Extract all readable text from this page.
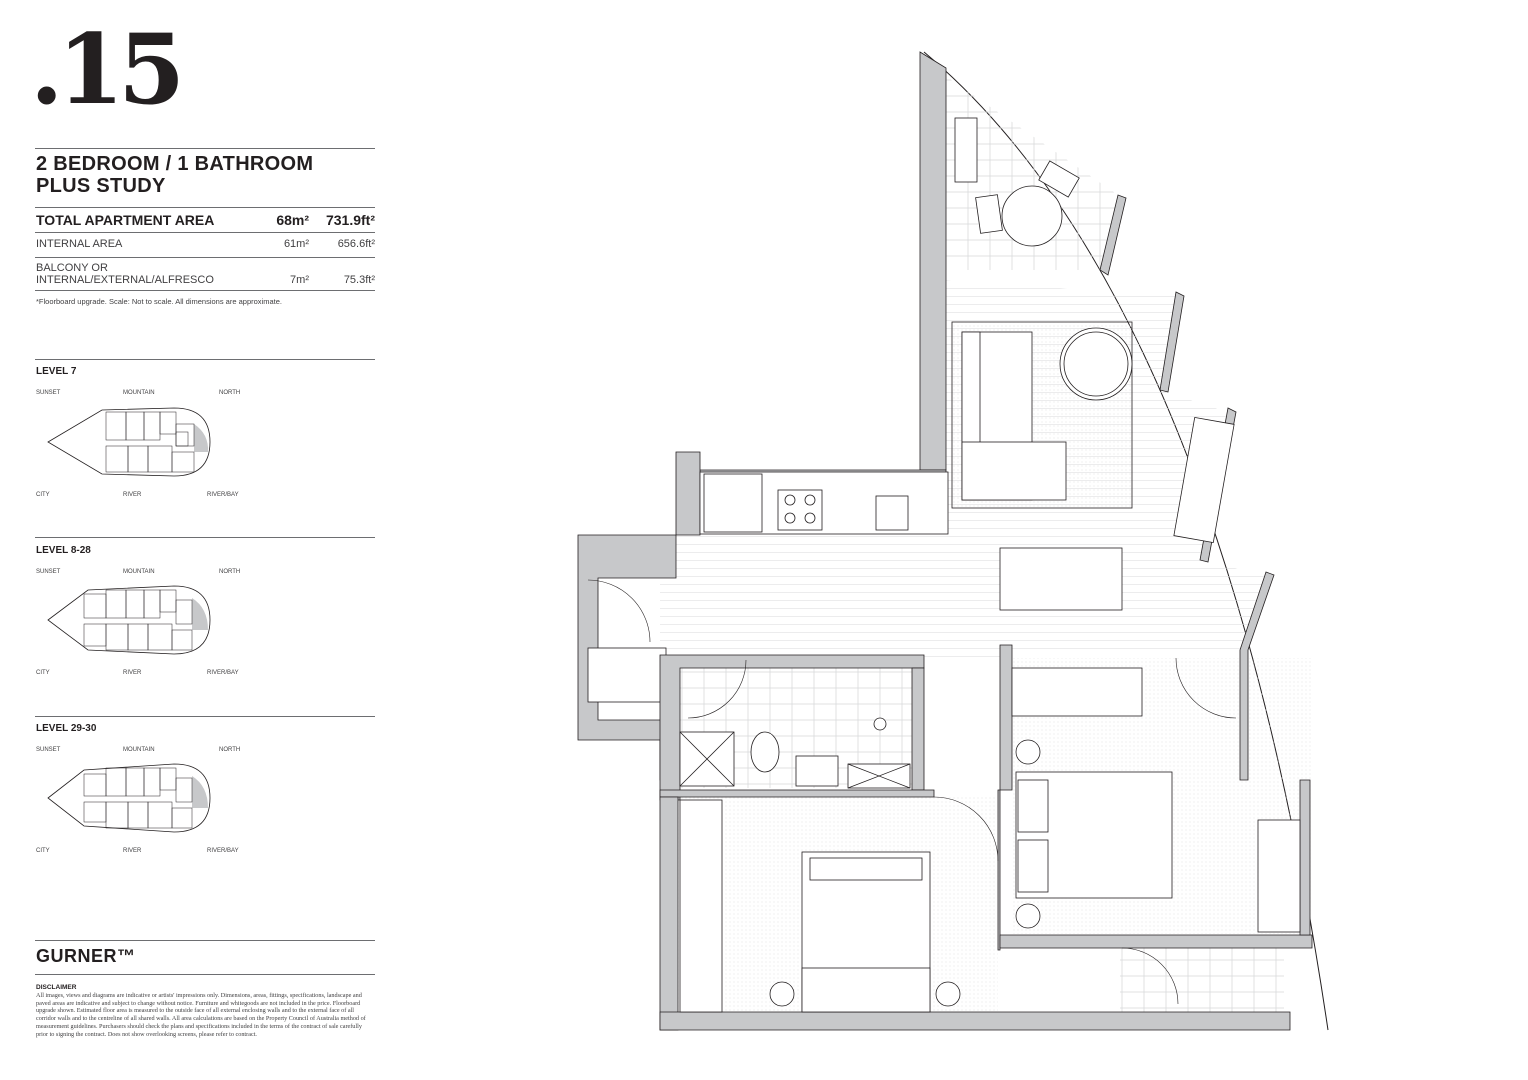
.15
2 BEDROOM / 1 BATHROOM
PLUS STUDY
TOTAL APARTMENT AREA	68m² 731.9ft²
INTERNAL AREA	61m²	656.6ft²
BALCONY OR
INTERNAL/EXTERNAL/ALFRESCO	7m²	75.3ft²
*Floorboard upgrade. Scale: Not to scale. All dimensions are approximate.
LEVEL 7
SUNSET	MOUNTAIN	NORTH
CITY	RIVER	RIVER/BAY
LEVEL 8-28
SUNSET	MOUNTAIN	NORTH
CITY	RIVER	RIVER/BAY
LEVEL 29-30
SUNSET	MOUNTAIN	NORTH
CITY	RIVER	RIVER/BAY
GURNER™
DISCLAIMER
All images, views and diagrams are indicative or artists' impressions only. Dimensions, areas, fittings, specifications, landscape and paved areas are indicative and subject to change without notice. Furniture and whitegoods are not included in the price. Floorboard upgrade shown. Estimated floor area is measured to the outside face of all external enclosing walls and to the external face of all corridor walls and to the centreline of all shared walls. All area calculations are based on the Property Council of Australia method of measurement guidelines. Purchasers should check the plans and specifications included in the terms of the contract of sale carefully prior to signing the contract. Does not show overlooking screens, please refer to contract.
